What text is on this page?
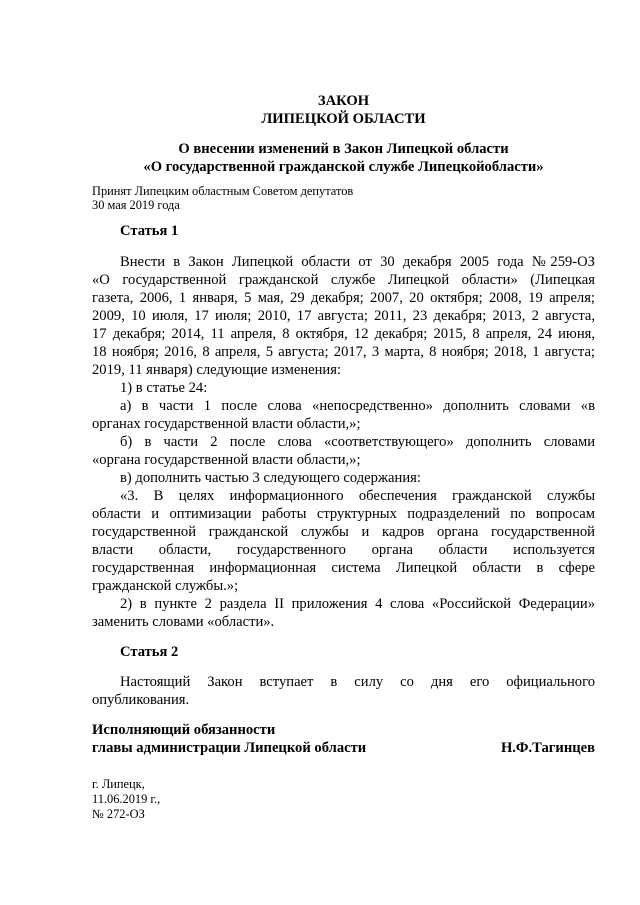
ЗАКОН
ЛИПЕЦКОЙ ОБЛАСТИ
О внесении изменений в Закон Липецкой области
«О государственной гражданской службе Липецкойобласти»
Принят Липецким областным Советом депутатов
30 мая 2019 года
Статья 1
Внести в Закон Липецкой области от 30 декабря 2005 года №259-ОЗ
«О государственной гражданской службе Липецкой области» (Липецкая
газета, 2006, 1 января, 5 мая, 29 декабря; 2007, 20 октября; 2008, 19 апреля;
2009, 10 июля, 17 июля; 2010, 17 августа; 2011, 23 декабря; 2013, 2 августа,
17 декабря; 2014, 11 апреля, 8 октября, 12 декабря; 2015, 8 апреля, 24 июня,
18 ноября; 2016, 8 апреля, 5 августа; 2017, 3 марта, 8 ноября; 2018, 1 августа;
2019, 11 января) следующие изменения:
1) в статье 24:
а) в части 1 после слова «непосредственно» дополнить словами «в
органах государственной власти области,»;
б) в части 2 после слова «соответствующего» дополнить словами
«органа государственной власти области,»;
в) дополнить частью 3 следующего содержания:
«3. В целях информационного обеспечения гражданской службы
области и оптимизации работы структурных подразделений по вопросам
государственной гражданской службы и кадров органа государственной
власти области, государственного органа области используется
государственная информационная система Липецкой области в сфере
гражданской службы.»;
2) в пункте 2 раздела II приложения 4 слова «Российской Федерации»
заменить словами «области».
Статья 2
Настоящий Закон вступает в силу со дня его официального
опубликования.
Исполняющий обязанности
главы администрации Липецкой области	Н.Ф.Тагинцев
г. Липецк,
11.06.2019 г.,
№ 272-ОЗ
